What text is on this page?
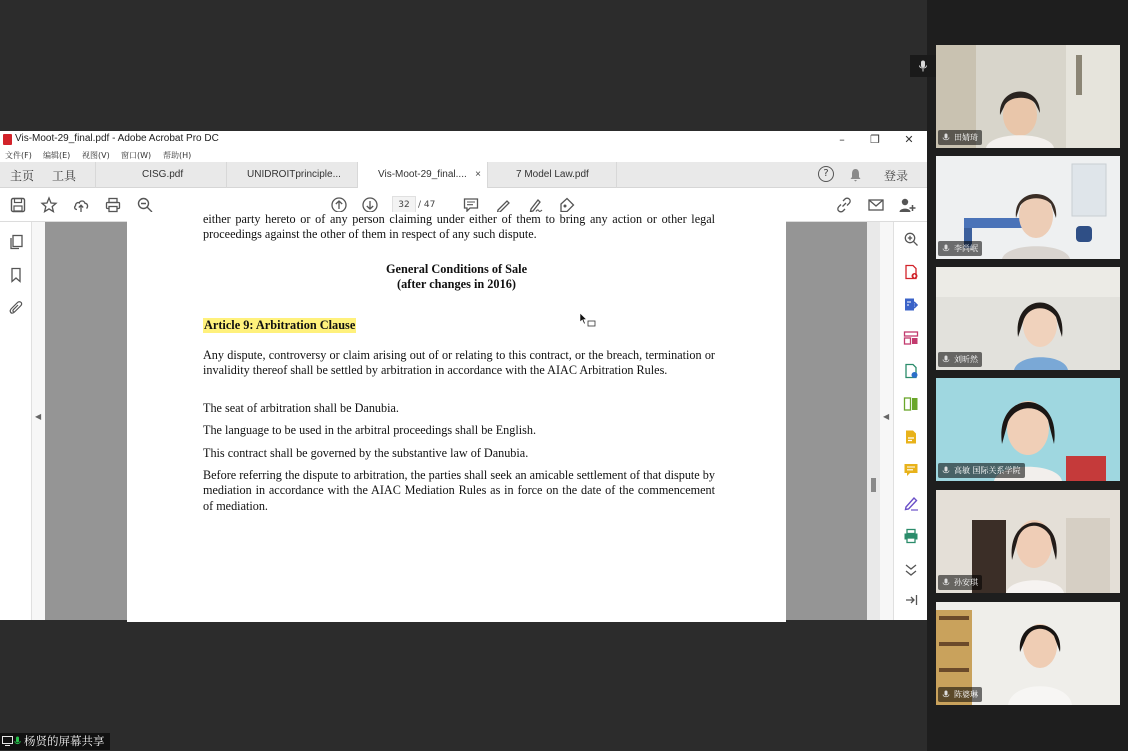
Vis-Moot-29_final.pdf - Adobe Acrobat Pro DC	–	❐	✕
文件(F) 编辑(E) 视图(V) 窗口(W) 帮助(H)
主页 工具	CISG.pdf	UNIDROITprinciple...	Vis-Moot-29_final.... ×	7 Model Law.pdf	?	登录
32 / 47
◀
either party hereto or of any person claiming under either of them to bring any action or other legal proceedings against the other of them in respect of any such dispute.
General Conditions of Sale
(after changes in 2016)
Article 9: Arbitration Clause
Any dispute, controversy or claim arising out of or relating to this contract, or the breach, termination or invalidity thereof shall be settled by arbitration in accordance with the AIAC Arbitration Rules.
The seat of arbitration shall be Danubia.
The language to be used in the arbitral proceedings shall be English.
This contract shall be governed by the substantive law of Danubia.
Before referring the dispute to arbitration, the parties shall seek an amicable settlement of that dispute by mediation in accordance with the AIAC Mediation Rules as in force on the date of the commencement of mediation.
◀
田婧琦
李尚岷
刘昕然
高敏 国际关系学院
孙安琪
陈婆琳
杨贤的屏幕共享
